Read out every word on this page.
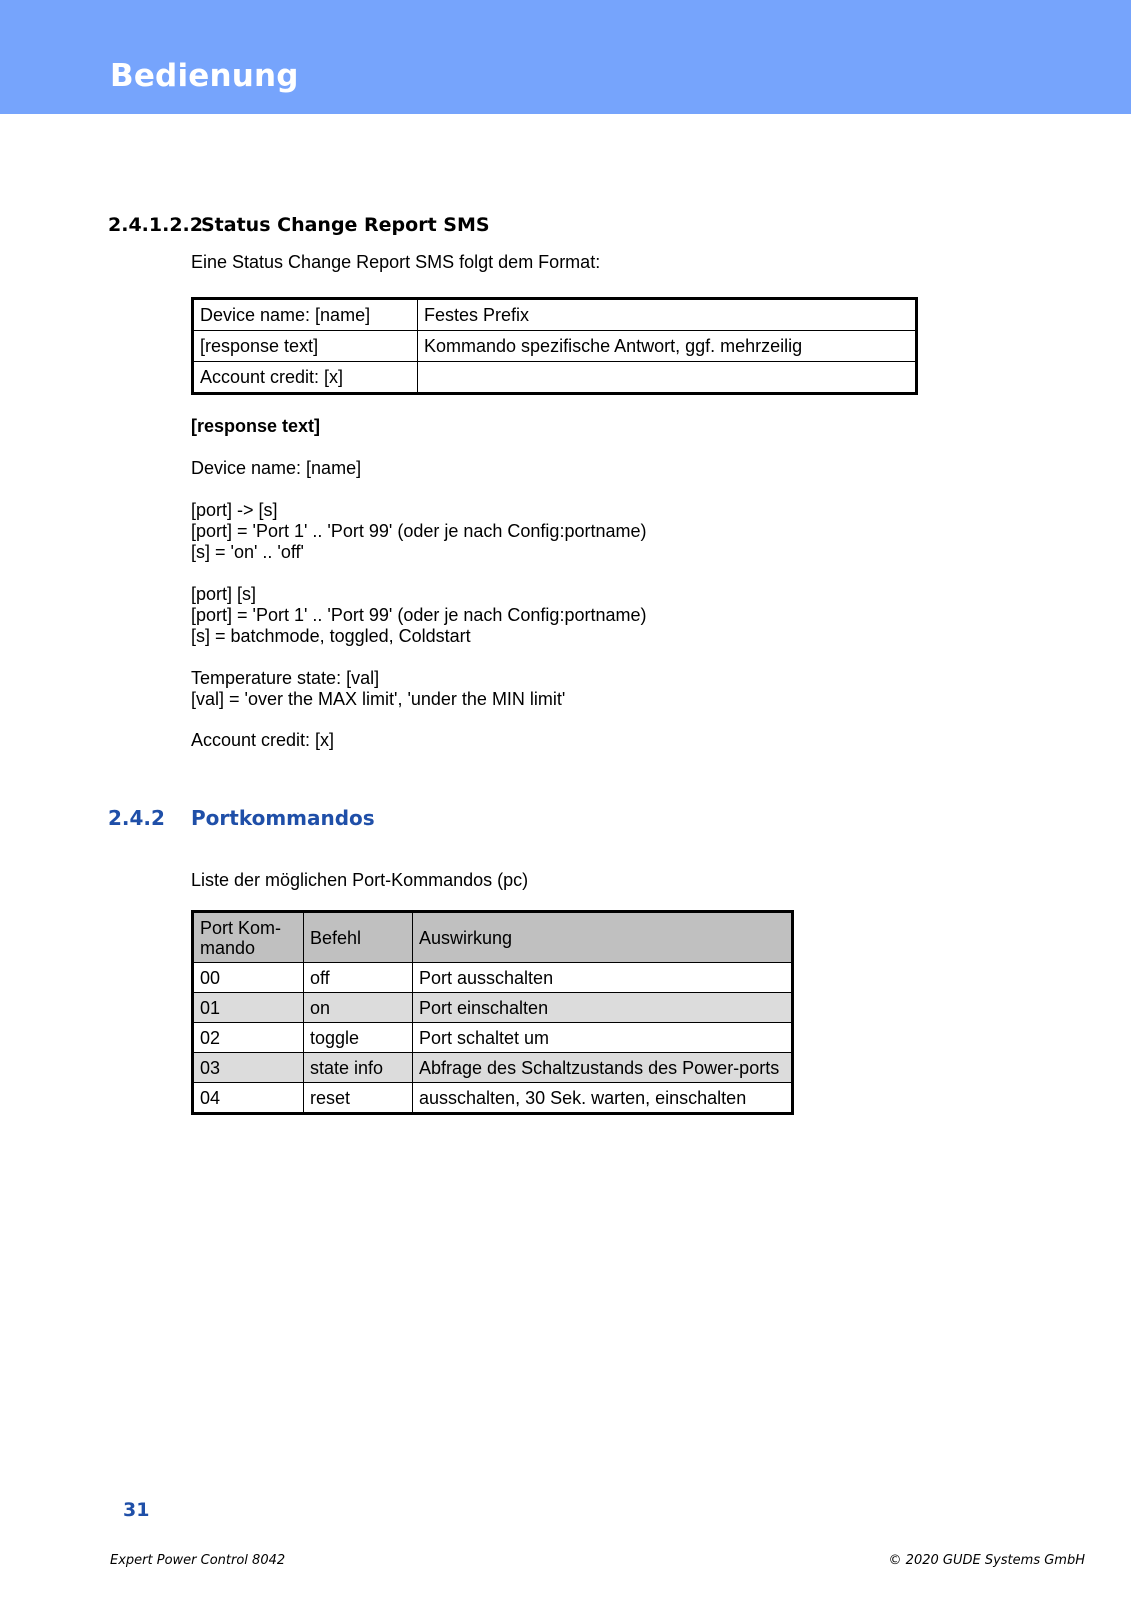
Bedienung
2.4.1.2.2Status Change Report SMS
Eine Status Change Report SMS folgt dem Format:
Device name: [name]	Festes Prefix
[response text]	Kommando spezifische Antwort, ggf. mehrzeilig
Account credit: [x]	
[response text]
Device name: [name]
[port] -> [s]
[port] = 'Port 1' .. 'Port 99' (oder je nach Config:portname)
[s] = 'on' .. 'off'
[port] [s]
[port] = 'Port 1' .. 'Port 99' (oder je nach Config:portname)
[s] = batchmode, toggled, Coldstart
Temperature state: [val]
[val] = 'over the MAX limit', 'under the MIN limit'
Account credit: [x]
2.4.2 Portkommandos
Liste der möglichen Port-Kommandos (pc)
Port Kom- mando	Befehl	Auswirkung
00	off	Port ausschalten
01	on	Port einschalten
02	toggle	Port schaltet um
03	state info	Abfrage des Schaltzustands des Power-ports
04	reset	ausschalten, 30 Sek. warten, einschalten
31
Expert Power Control 8042	© 2020 GUDE Systems GmbH
